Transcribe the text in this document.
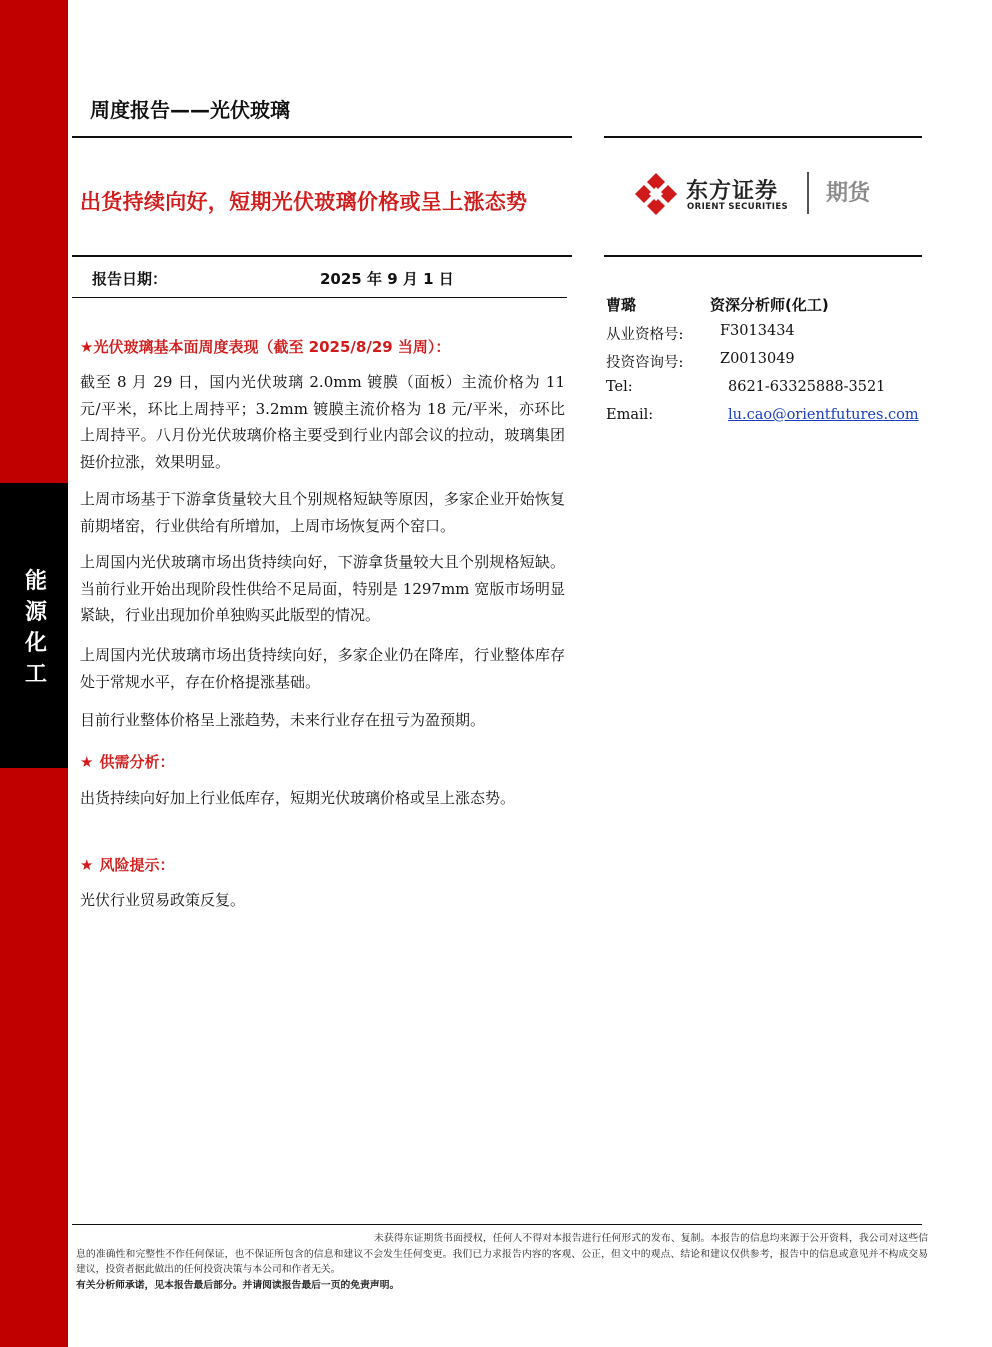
能源化工
周度报告——光伏玻璃
出货持续向好，短期光伏玻璃价格或呈上涨态势	东方证券
ORIENT SECURITIES
期货
报告日期：	2025 年 9 月 1 日
曹璐	资深分析师(化工)
从业资格号:	F3013434
投资咨询号:	Z0013049
Tel:	8621-63325888-3521
Email:	lu.cao@orientfutures.com
★光伏玻璃基本面周度表现（截至 2025/8/29 当周）：
截至 8 月 29 日，国内光伏玻璃 2.0mm 镀膜（面板）主流价格为 11 元/平米，环比上周持平；3.2mm 镀膜主流价格为 18 元/平米，亦环比上周持平。八月份光伏玻璃价格主要受到行业内部会议的拉动，玻璃集团挺价拉涨，效果明显。
上周市场基于下游拿货量较大且个别规格短缺等原因，多家企业开始恢复前期堵窑，行业供给有所增加，上周市场恢复两个窑口。
上周国内光伏玻璃市场出货持续向好，下游拿货量较大且个别规格短缺。当前行业开始出现阶段性供给不足局面，特别是 1297mm 宽版市场明显紧缺，行业出现加价单独购买此版型的情况。
上周国内光伏玻璃市场出货持续向好，多家企业仍在降库，行业整体库存处于常规水平，存在价格提涨基础。
目前行业整体价格呈上涨趋势，未来行业存在扭亏为盈预期。
★ 供需分析：
出货持续向好加上行业低库存，短期光伏玻璃价格或呈上涨态势。
★ 风险提示：
光伏行业贸易政策反复。

未获得东证期货书面授权，任何人不得对本报告进行任何形式的发布、复制。本报告的信息均来源于公开资料，我公司对这些信息的准确性和完整性不作任何保证，也不保证所包含的信息和建议不会发生任何变更。我们已力求报告内容的客观、公正，但文中的观点、结论和建议仅供参考，报告中的信息或意见并不构成交易建议，投资者据此做出的任何投资决策与本公司和作者无关。

有关分析师承诺，见本报告最后部分。并请阅读报告最后一页的免责声明。
